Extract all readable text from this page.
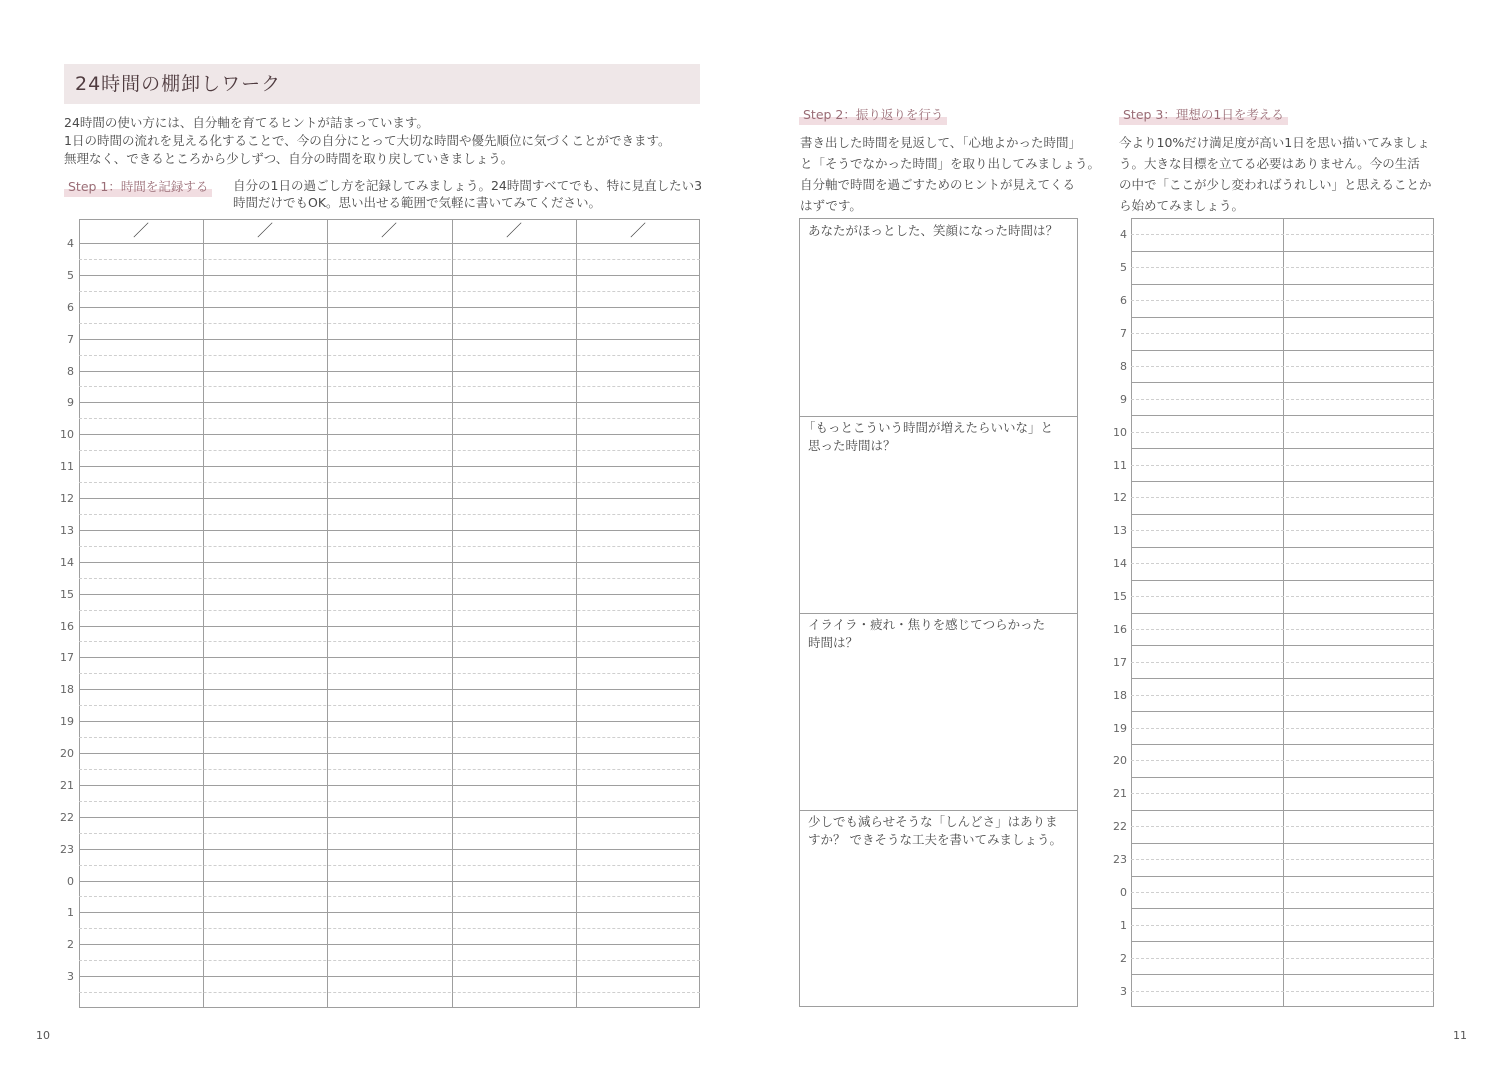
24時間の棚卸しワーク
24時間の使い方には、自分軸を育てるヒントが詰まっています。
1日の時間の流れを見える化することで、今の自分にとって大切な時間や優先順位に気づくことができます。
無理なく、できるところから少しずつ、自分の時間を取り戻していきましょう。
Step 1：時間を記録する	自分の1日の過ごし方を記録してみましょう。24時間すべてでも、特に見直したい3時間だけでもOK。思い出せる範囲で気軽に書いてみてください。
／	／	／	／	／
4
5
6
7
8
9
10
11
12
13
14
15
16
17
18
19
20
21
22
23
0
1
2
3
Step 2：振り返りを行う
書き出した時間を見返して、「心地よかった時間」
と「そうでなかった時間」を取り出してみましょう。
自分軸で時間を過ごすためのヒントが見えてくる
はずです。
あなたがほっとした、笑顔になった時間は？
「もっとこういう時間が増えたらいいな」と
思った時間は？
イライラ・疲れ・焦りを感じてつらかった
時間は？
少しでも減らせそうな「しんどさ」はありま
すか？ できそうな工夫を書いてみましょう。
Step 3：理想の1日を考える
今より10%だけ満足度が高い1日を思い描いてみましょ
う。大きな目標を立てる必要はありません。今の生活
の中で「ここが少し変わればうれしい」と思えることか
ら始めてみましょう。
4
5
6
7
8
9
10
11
12
13
14
15
16
17
18
19
20
21
22
23
0
1
2
3
10	11
